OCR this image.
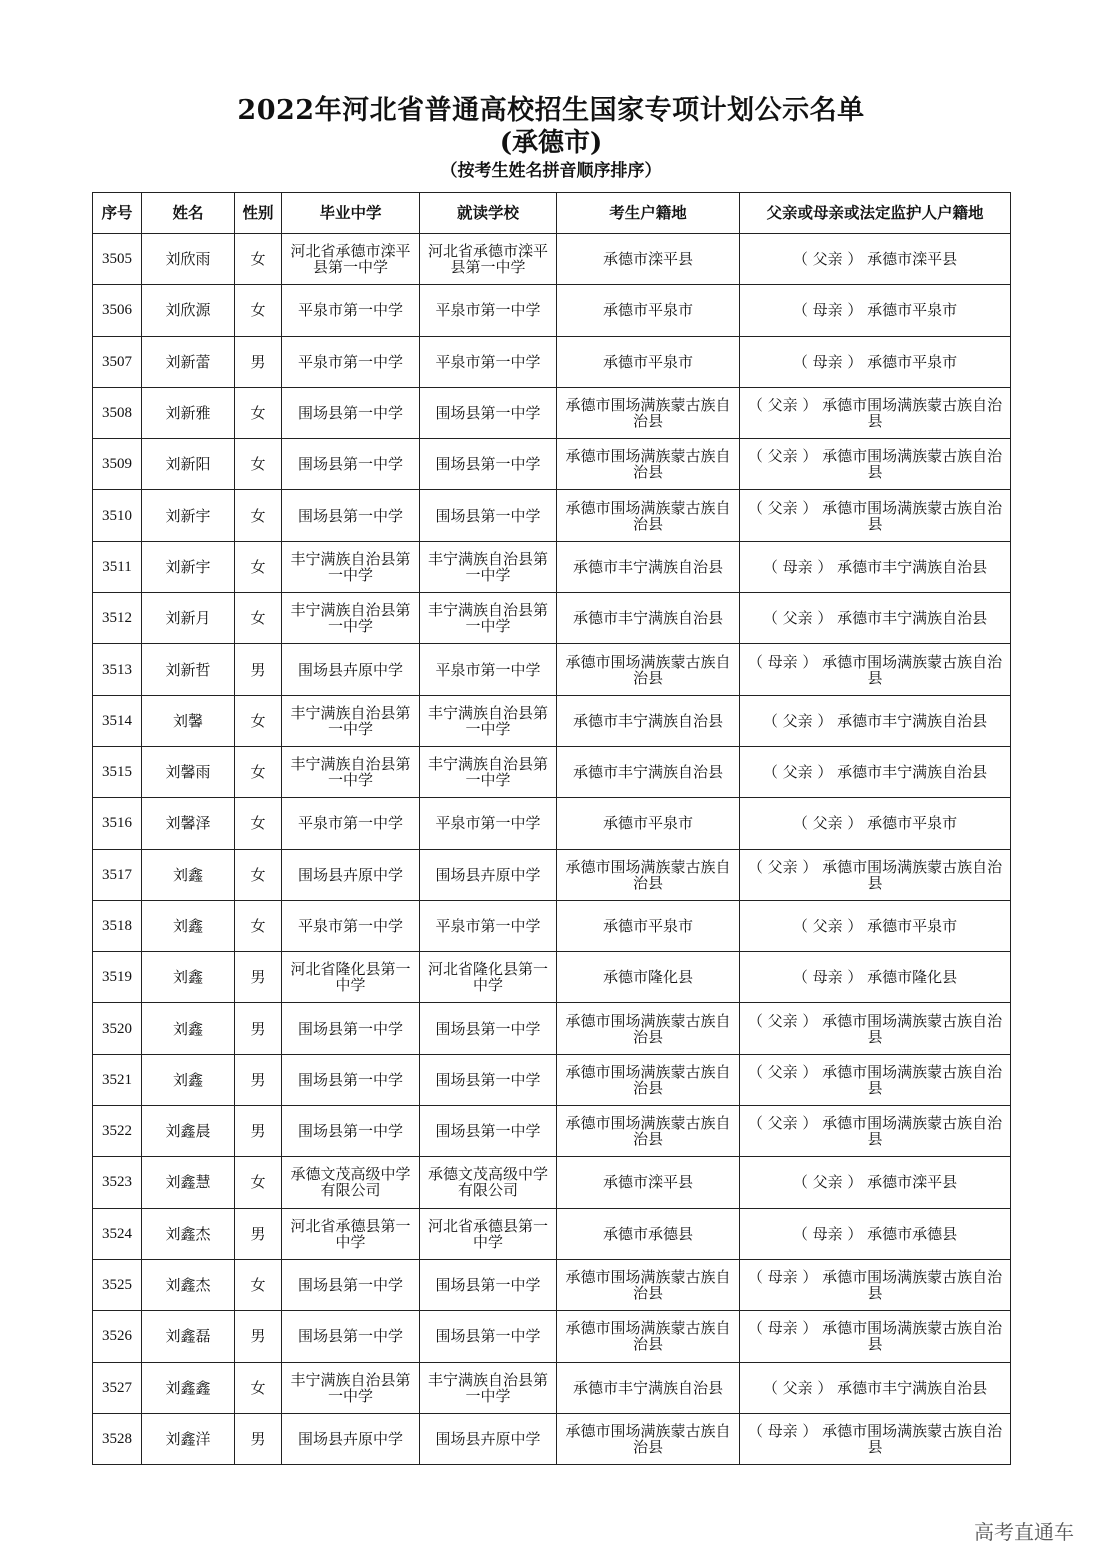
2022年河北省普通高校招生国家专项计划公示名单
(承德市)
（按考生姓名拼音顺序排序）
序号	姓名	性别	毕业中学	就读学校	考生户籍地	父亲或母亲或法定监护人户籍地
3505	刘欣雨	女	河北省承德市滦平县第一中学	河北省承德市滦平县第一中学	承德市滦平县	（ 父亲 ） 承德市滦平县
3506	刘欣源	女	平泉市第一中学	平泉市第一中学	承德市平泉市	（ 母亲 ） 承德市平泉市
3507	刘新蕾	男	平泉市第一中学	平泉市第一中学	承德市平泉市	（ 母亲 ） 承德市平泉市
3508	刘新雅	女	围场县第一中学	围场县第一中学	承德市围场满族蒙古族自治县	（ 父亲 ） 承德市围场满族蒙古族自治县
3509	刘新阳	女	围场县第一中学	围场县第一中学	承德市围场满族蒙古族自治县	（ 父亲 ） 承德市围场满族蒙古族自治县
3510	刘新宇	女	围场县第一中学	围场县第一中学	承德市围场满族蒙古族自治县	（ 父亲 ） 承德市围场满族蒙古族自治县
3511	刘新宇	女	丰宁满族自治县第一中学	丰宁满族自治县第一中学	承德市丰宁满族自治县	（ 母亲 ） 承德市丰宁满族自治县
3512	刘新月	女	丰宁满族自治县第一中学	丰宁满族自治县第一中学	承德市丰宁满族自治县	（ 父亲 ） 承德市丰宁满族自治县
3513	刘新哲	男	围场县卉原中学	平泉市第一中学	承德市围场满族蒙古族自治县	（ 母亲 ） 承德市围场满族蒙古族自治县
3514	刘馨	女	丰宁满族自治县第一中学	丰宁满族自治县第一中学	承德市丰宁满族自治县	（ 父亲 ） 承德市丰宁满族自治县
3515	刘馨雨	女	丰宁满族自治县第一中学	丰宁满族自治县第一中学	承德市丰宁满族自治县	（ 父亲 ） 承德市丰宁满族自治县
3516	刘馨泽	女	平泉市第一中学	平泉市第一中学	承德市平泉市	（ 父亲 ） 承德市平泉市
3517	刘鑫	女	围场县卉原中学	围场县卉原中学	承德市围场满族蒙古族自治县	（ 父亲 ） 承德市围场满族蒙古族自治县
3518	刘鑫	女	平泉市第一中学	平泉市第一中学	承德市平泉市	（ 父亲 ） 承德市平泉市
3519	刘鑫	男	河北省隆化县第一中学	河北省隆化县第一中学	承德市隆化县	（ 母亲 ） 承德市隆化县
3520	刘鑫	男	围场县第一中学	围场县第一中学	承德市围场满族蒙古族自治县	（ 父亲 ） 承德市围场满族蒙古族自治县
3521	刘鑫	男	围场县第一中学	围场县第一中学	承德市围场满族蒙古族自治县	（ 父亲 ） 承德市围场满族蒙古族自治县
3522	刘鑫晨	男	围场县第一中学	围场县第一中学	承德市围场满族蒙古族自治县	（ 父亲 ） 承德市围场满族蒙古族自治县
3523	刘鑫慧	女	承德文茂高级中学有限公司	承德文茂高级中学有限公司	承德市滦平县	（ 父亲 ） 承德市滦平县
3524	刘鑫杰	男	河北省承德县第一中学	河北省承德县第一中学	承德市承德县	（ 母亲 ） 承德市承德县
3525	刘鑫杰	女	围场县第一中学	围场县第一中学	承德市围场满族蒙古族自治县	（ 母亲 ） 承德市围场满族蒙古族自治县
3526	刘鑫磊	男	围场县第一中学	围场县第一中学	承德市围场满族蒙古族自治县	（ 母亲 ） 承德市围场满族蒙古族自治县
3527	刘鑫鑫	女	丰宁满族自治县第一中学	丰宁满族自治县第一中学	承德市丰宁满族自治县	（ 父亲 ） 承德市丰宁满族自治县
3528	刘鑫洋	男	围场县卉原中学	围场县卉原中学	承德市围场满族蒙古族自治县	（ 母亲 ） 承德市围场满族蒙古族自治县
高考直通车
